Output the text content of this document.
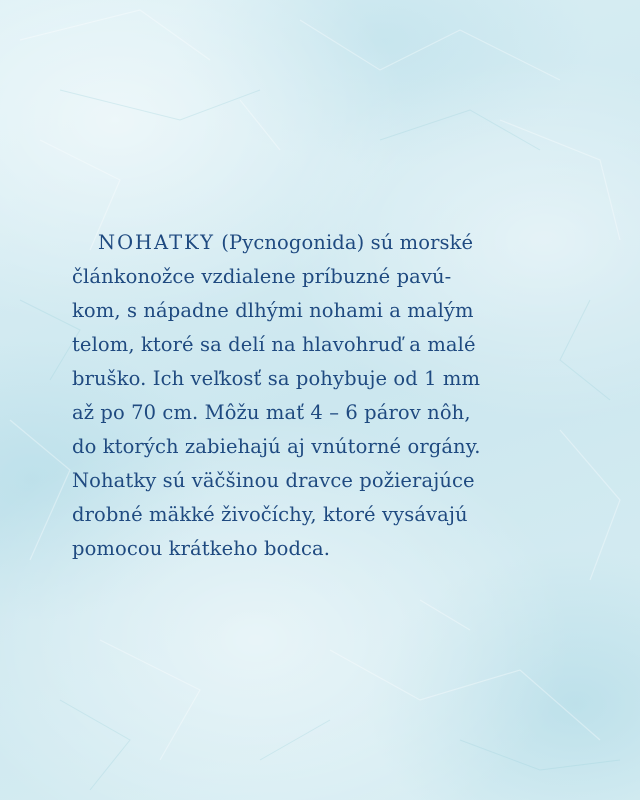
NOHATKY (Pycnogonida) sú morské
článkonožce vzdialene príbuzné pavú-
kom, s nápadne dlhými nohami a malým
telom, ktoré sa delí na hlavohruď a malé
bruško. Ich veľkosť sa pohybuje od 1 mm
až po 70 cm. Môžu mať 4 – 6 párov nôh,
do ktorých zabiehajú aj vnútorné orgány.
Nohatky sú väčšinou dravce požierajúce
drobné mäkké živočíchy, ktoré vysávajú
pomocou krátkeho bodca.
